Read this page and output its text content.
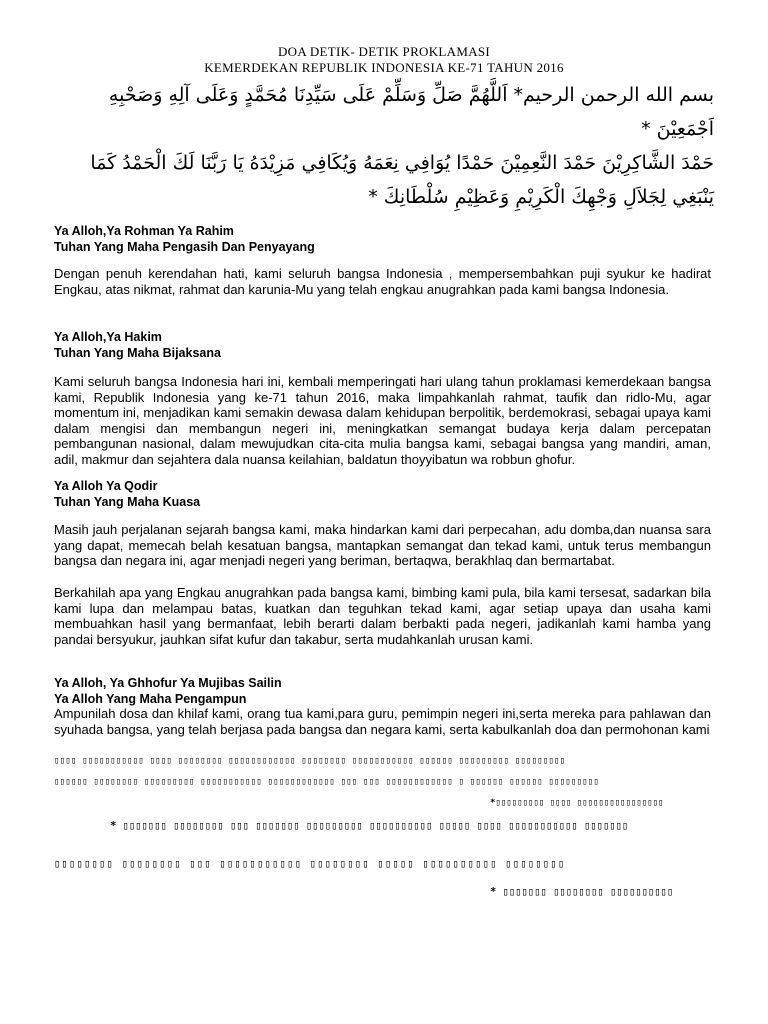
DOA DETIK- DETIK PROKLAMASI
KEMERDEKAN REPUBLIK INDONESIA KE-71 TAHUN 2016
بسم الله الرحمن الرحيم* اَللَّهُمَّ صَلِّ وَسَلِّمْ عَلَى سَيِّدِنَا مُحَمَّدٍ وَعَلَى آلِهِ وَصَحْبِهِ
اَجْمَعِيْنَ *
حَمْدَ الشَّاكِرِيْنَ حَمْدَ النَّعِمِيْنَ حَمْدًا يُوَافِي نِعَمَهُ وَيُكَافِي مَزِيْدَهُ يَا رَبَّنَا لَكَ الْحَمْدُ كَمَا
يَنْبَغِي لِجَلاَلِ وَجْهِكَ الْكَرِيْمِ وَعَظِيْمِ سُلْطَانِكَ *
Ya Alloh,Ya Rohman Ya Rahim
Tuhan Yang Maha Pengasih Dan Penyayang
Dengan penuh kerendahan hati, kami seluruh bangsa Indonesia , mempersembahkan puji syukur ke hadirat Engkau, atas nikmat, rahmat dan karunia-Mu yang telah engkau anugrahkan pada kami bangsa Indonesia.
Ya Alloh,Ya Hakim
Tuhan Yang Maha Bijaksana
Kami seluruh bangsa Indonesia hari ini, kembali memperingati hari ulang tahun proklamasi kemerdekaan bangsa kami, Republik Indonesia yang ke-71 tahun 2016, maka limpahkanlah rahmat, taufik dan ridlo-Mu, agar momentum ini, menjadikan kami semakin dewasa dalam kehidupan berpolitik, berdemokrasi, sebagai upaya kami dalam mengisi dan membangun negeri ini, meningkatkan semangat budaya kerja dalam percepatan pembangunan nasional, dalam mewujudkan cita-cita mulia bangsa kami, sebagai bangsa yang mandiri, aman, adil, makmur dan sejahtera dala nuansa keilahian, baldatun thoyyibatun wa robbun ghofur.
Ya Alloh Ya Qodir
Tuhan Yang Maha Kuasa
Masih jauh perjalanan sejarah bangsa kami, maka hindarkan kami dari perpecahan, adu domba,dan nuansa sara yang dapat, memecah belah kesatuan bangsa, mantapkan semangat dan tekad kami, untuk terus membangun bangsa dan negara ini, agar menjadi negeri yang beriman, bertaqwa, berakhlaq dan bermartabat.
Berkahilah apa yang Engkau anugrahkan pada bangsa kami, bimbing kami pula, bila kami tersesat, sadarkan bila kami lupa dan melampau batas, kuatkan dan teguhkan tekad kami, agar setiap upaya dan usaha kami membuahkan hasil yang bermanfaat, lebih berarti dalam berbakti pada negeri, jadikanlah kami hamba yang pandai bersyukur, jauhkan sifat kufur dan takabur, serta mudahkanlah urusan kami.
Ya Alloh, Ya Ghhofur Ya Mujibas Sailin
Ya Alloh Yang Maha Pengampun
Ampunilah dosa dan khilaf kami, orang tua kami,para guru, pemimpin negeri ini,serta mereka para pahlawan dan syuhada bangsa, yang telah berjasa pada bangsa dan negara kami, serta kabulkanlah doa dan permohonan kami
▯▯▯▯ ▯▯▯▯▯▯▯▯▯▯▯ ▯▯▯▯ ▯▯▯▯▯▯▯▯ ▯▯▯▯▯▯▯▯▯▯▯▯ ▯▯▯▯▯▯▯▯ ▯▯▯▯▯▯▯▯▯▯▯ ▯▯▯▯▯▯ ▯▯▯▯▯▯▯▯▯ ▯▯▯▯▯▯▯▯▯
▯▯▯▯▯▯ ▯▯▯▯▯▯▯▯ ▯▯▯▯▯▯▯▯▯ ▯▯▯▯▯▯▯▯▯▯▯ ▯▯▯▯▯▯▯▯▯▯▯▯ ▯▯▯ ▯▯▯ ▯▯▯▯▯▯▯▯▯▯▯▯ ▯ ▯▯▯▯▯▯ ▯▯▯▯▯▯ ▯▯▯▯▯▯▯▯▯
*▯▯▯▯▯▯▯▯▯ ▯▯▯▯ ▯▯▯▯▯▯▯▯▯▯▯▯▯▯▯▯
* ▯▯▯▯▯▯▯ ▯▯▯▯▯▯▯▯ ▯▯▯ ▯▯▯▯▯▯▯ ▯▯▯▯▯▯▯▯▯ ▯▯▯▯▯▯▯▯▯▯ ▯▯▯▯▯ ▯▯▯▯ ▯▯▯▯▯▯▯▯▯▯▯ ▯▯▯▯▯▯▯
▯▯▯▯▯▯▯▯ ▯▯▯▯▯▯▯▯ ▯▯▯ ▯▯▯▯▯▯▯▯▯▯▯ ▯▯▯▯▯▯▯▯ ▯▯▯▯▯ ▯▯▯▯▯▯▯▯▯▯ ▯▯▯▯▯▯▯▯
* ▯▯▯▯▯▯▯ ▯▯▯▯▯▯▯▯ ▯▯▯▯▯▯▯▯▯▯
